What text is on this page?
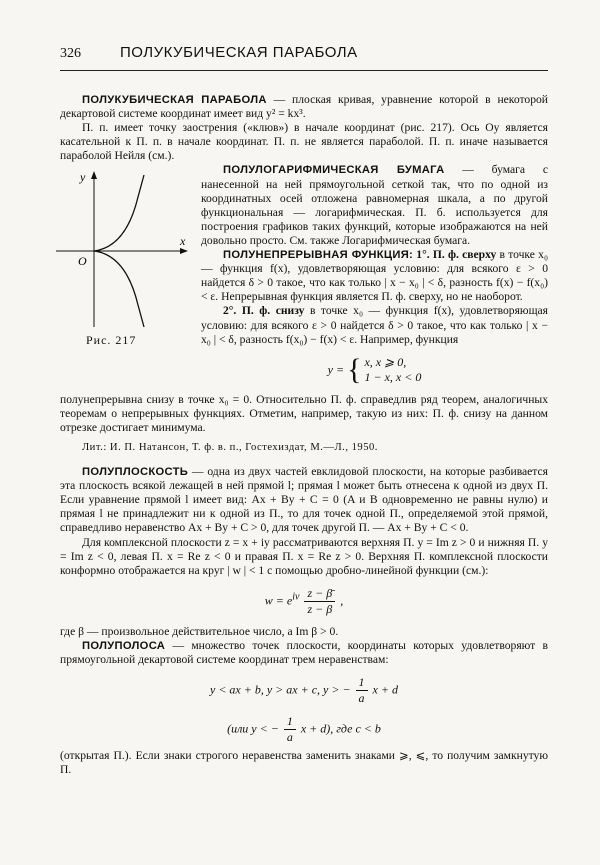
326	ПОЛУКУБИЧЕСКАЯ ПАРАБОЛА

ПОЛУКУБИЧЕСКАЯ ПАРАБОЛА — плоская кривая, уравнение которой в некоторой декартовой системе координат имеет вид y² = kx³.

П. п. имеет точку заострения («клюв») в начале координат (рис. 217). Ось Oy является касательной к П. п. в начале координат. П. п. не является параболой. П. п. иначе называется параболой Нейля (см.).

y
x
O
Рис. 217

ПОЛУЛОГАРИФМИЧЕСКАЯ БУМАГА — бумага с нанесенной на ней прямоугольной сеткой так, что по одной из координатных осей отложена равномерная шкала, а по другой функциональная — логарифмическая. П. б. используется для построения графиков таких функций, которые изображаются на ней довольно просто. См. также Логарифмическая бумага.

ПОЛУНЕПРЕРЫВНАЯ ФУНКЦИЯ: 1°. П. ф. сверху в точке x₀ — функция f(x), удовлетворяющая условию: для всякого ε > 0 найдется δ > 0 такое, что как только | x − x₀ | < δ, разность f(x) − f(x₀) < ε. Непрерывная функция является П. ф. сверху, но не наоборот.

2°. П. ф. снизу в точке x₀ — функция f(x), удовлетворяющая условию: для всякого ε > 0 найдется δ > 0 такое, что как только | x − x₀ | < δ, разность f(x₀) − f(x) < ε. Например, функция

y = { x, x ⩾ 0,
1 − x, x < 0

полунепрерывна снизу в точке x₀ = 0. Относительно П. ф. справедлив ряд теорем, аналогичных теоремам о непрерывных функциях. Отметим, например, такую из них: П. ф. снизу на данном отрезке достигает минимума.

Лит.: И. П. Натансон, Т. ф. в. п., Гостехиздат, М.—Л., 1950.

ПОЛУПЛОСКОСТЬ — одна из двух частей евклидовой плоскости, на которые разбивается эта плоскость всякой лежащей в ней прямой l; прямая l может быть отнесена к одной из двух П. Если уравнение прямой l имеет вид: Ax + By + C = 0 (A и B одновременно не равны нулю) и прямая l не принадлежит ни к одной из П., то для точек одной П., определяемой этой прямой, справедливо неравенство Ax + By + C > 0, для точек другой П. — Ax + By + C < 0.

Для комплексной плоскости z = x + iy рассматриваются верхняя П. y = Im z > 0 и нижняя П. y = Im z < 0, левая П. x = Re z < 0 и правая П. x = Re z > 0. Верхняя П. комплексной плоскости конформно отображается на круг | w | < 1 с помощью дробно-линейной функции (см.):

$w = e^{iv} \frac{z - \betā}{z - \beta}$ ,

где β — произвольное действительное число, а Im β > 0.

ПОЛУПОЛОСА — множество точек плоскости, координаты которых удовлетворяют в прямоугольной декартовой системе координат трем неравенствам:

y < ax + b, y > ax + c, y > − $\frac{1}{a}$ x + d
(или y < − $\frac{1}{a}$ x + d), где c < b

(открытая П.). Если знаки строгого неравенства заменить знаками ⩾, ⩽, то получим замкнутую П.
